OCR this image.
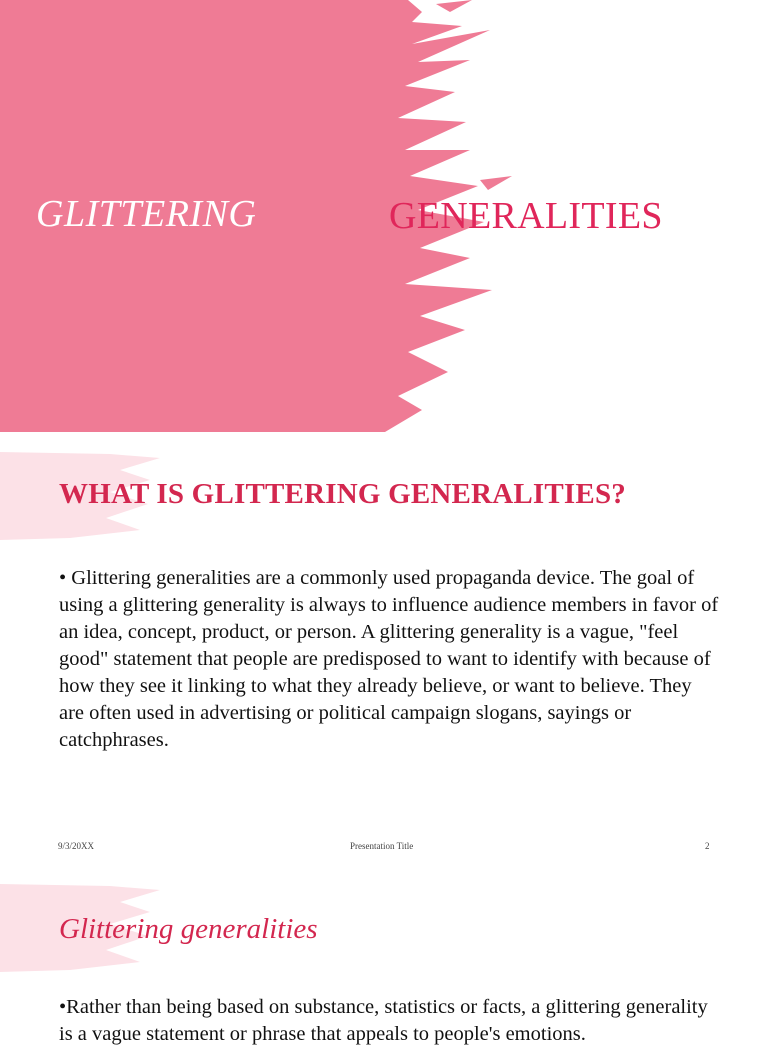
GLITTERING	GENERALITIES
WHAT IS GLITTERING GENERALITIES?
• Glittering generalities are a commonly used propaganda device. The goal of using a glittering generality is always to influence audience members in favor of an idea, concept, product, or person. A glittering generality is a vague, "feel good" statement that people are predisposed to want to identify with because of how they see it linking to what they already believe, or want to believe. They are often used in advertising or political campaign slogans, sayings or catchphrases.
9/3/20XX	Presentation Title	2
Glittering generalities
•Rather than being based on substance, statistics or facts, a glittering generality is a vague statement or phrase that appeals to people's emotions.
